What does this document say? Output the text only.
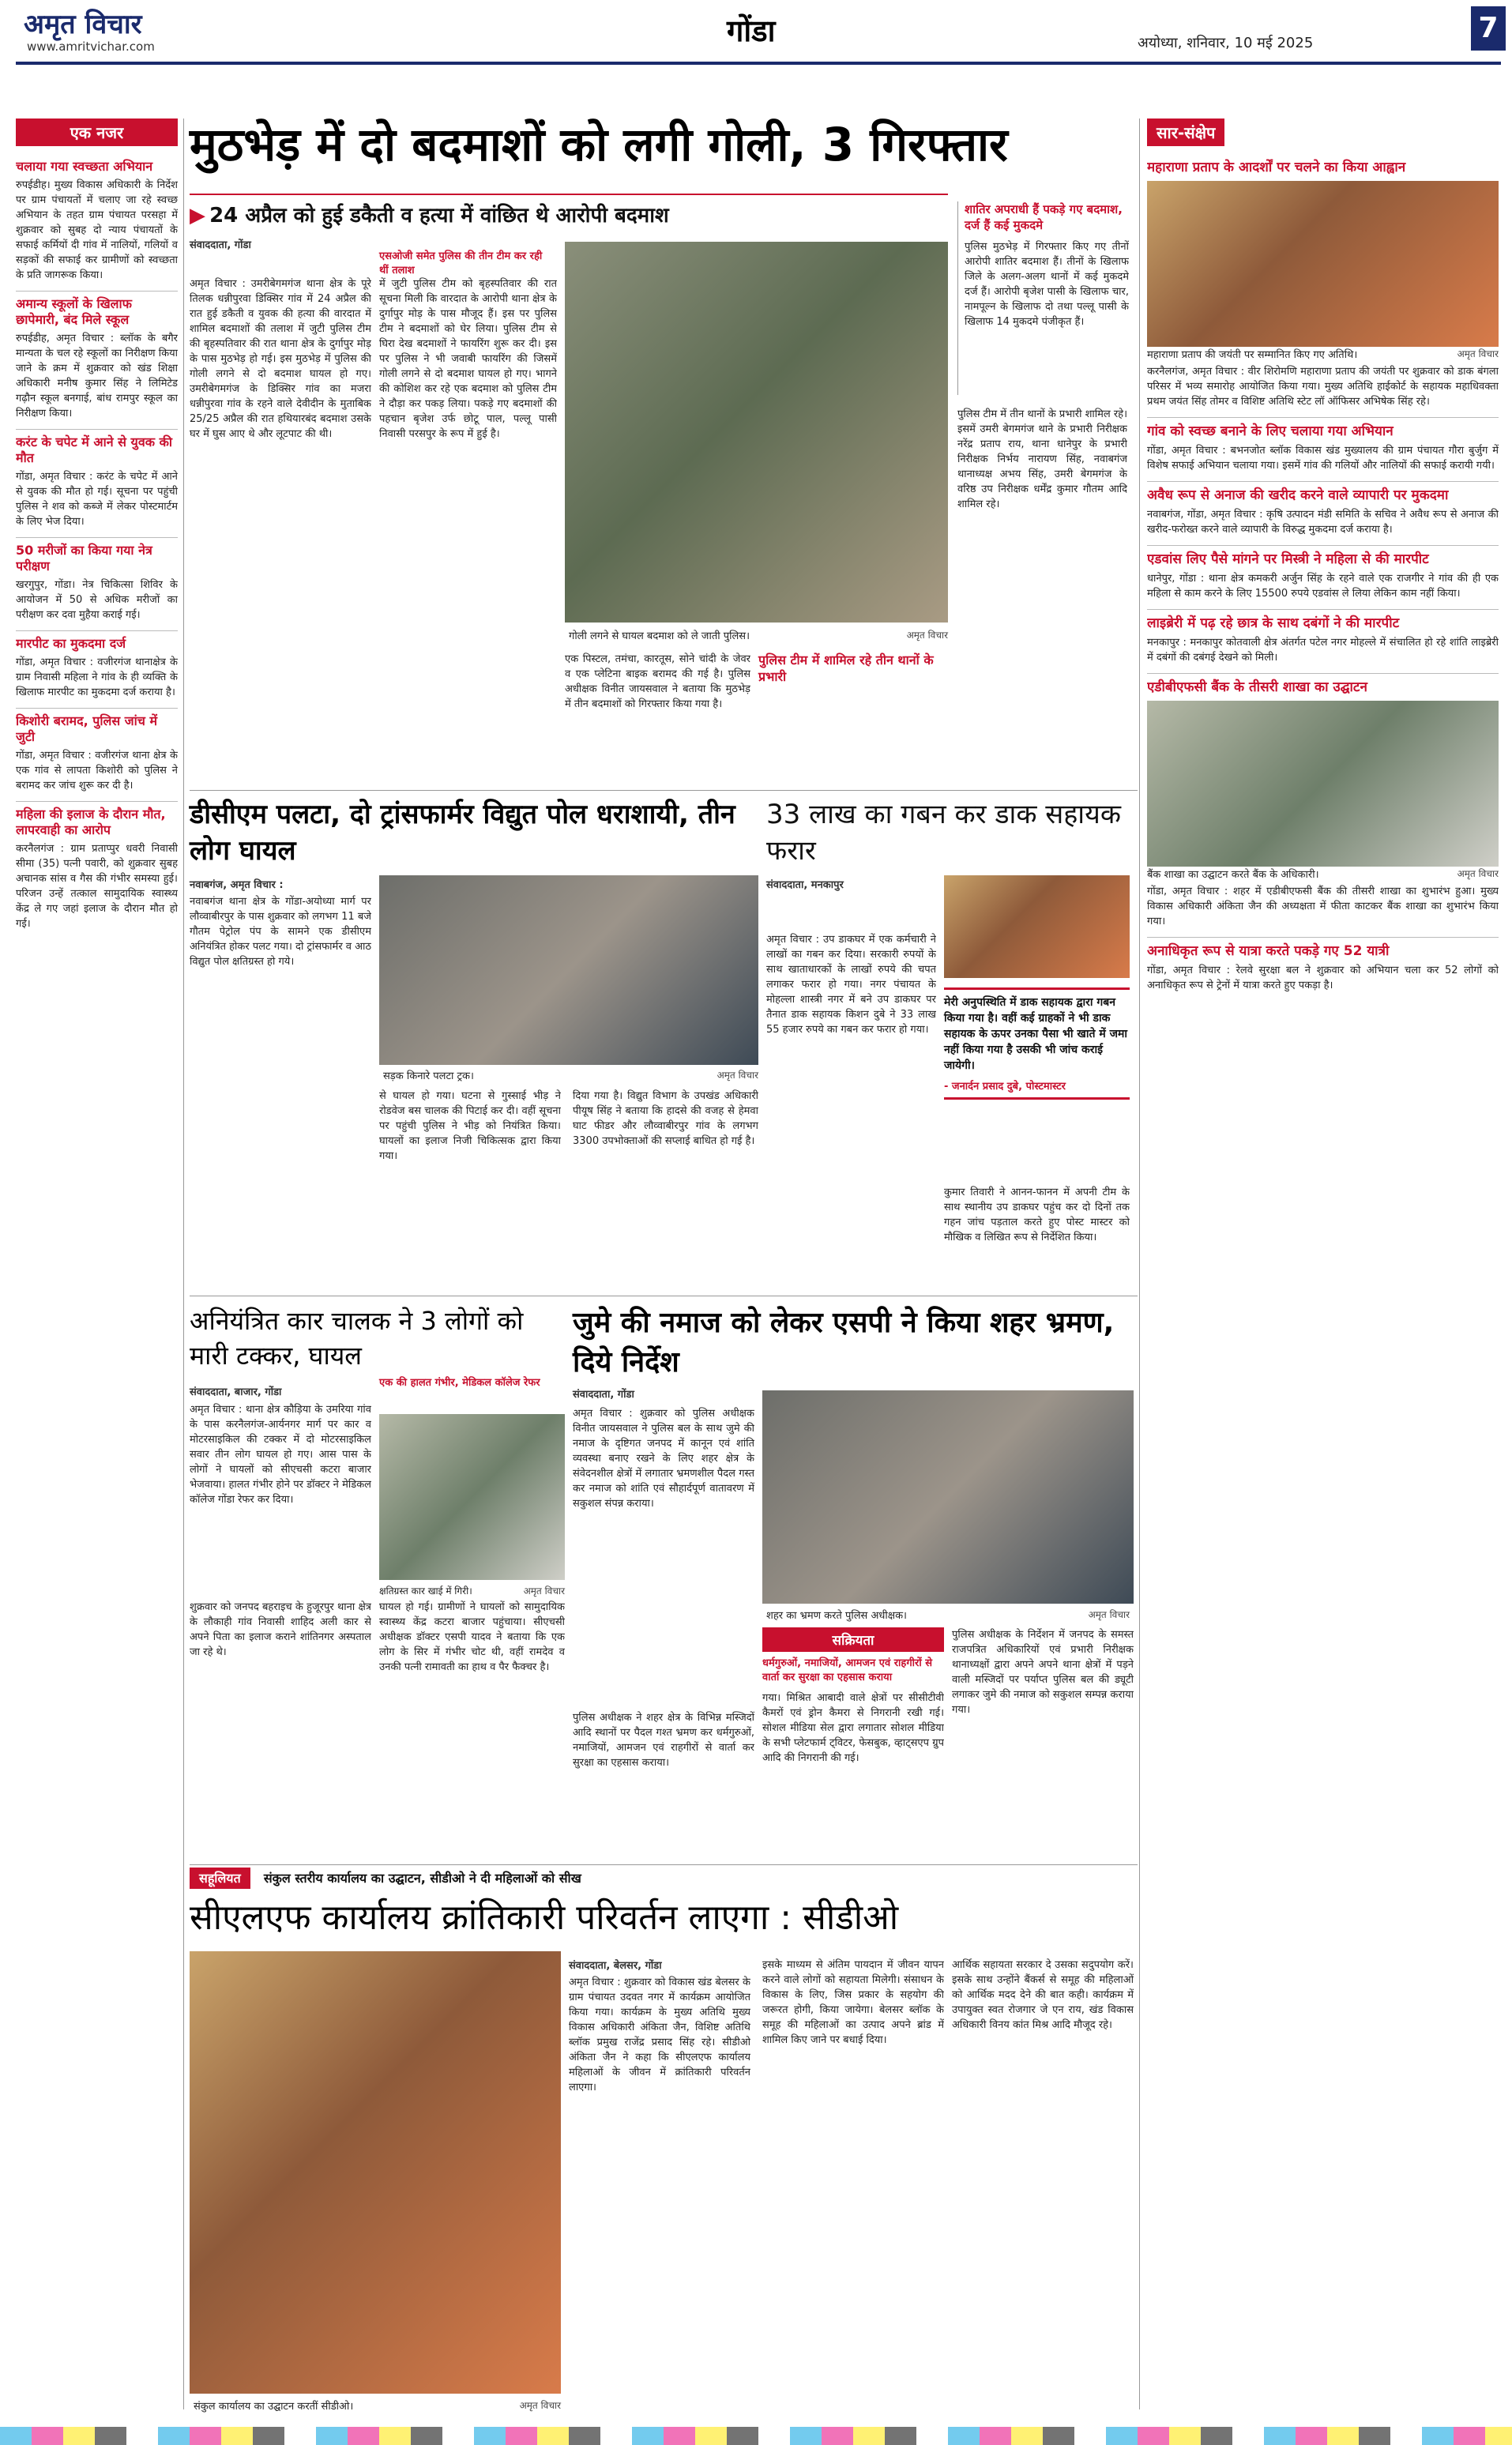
अमृत विचार
www.amritvichar.com	गोंडा	अयोध्या, शनिवार, 10 मई 2025	7
एक नजर
चलाया गया स्वच्छता अभियान
रुपईडीह। मुख्य विकास अधिकारी के निर्देश पर ग्राम पंचायतों में चलाए जा रहे स्वच्छ अभियान के तहत ग्राम पंचायत परसहा में शुक्रवार को सुबह दो न्याय पंचायतों के सफाई कर्मियों दी गांव में नालियों, गलियों व सड़कों की सफाई कर ग्रामीणों को स्वच्छता के प्रति जागरूक किया।
अमान्य स्कूलों के खिलाफ छापेमारी, बंद मिले स्कूल
रुपईडीह, अमृत विचार : ब्लॉक के बगैर मान्यता के चल रहे स्कूलों का निरीक्षण किया जाने के क्रम में शुक्रवार को खंड शिक्षा अधिकारी मनीष कुमार सिंह ने लिमिटेड गढ़ौन स्कूल बनगाई, बांध रामपुर स्कूल का निरीक्षण किया।
करंट के चपेट में आने से युवक की मौत
गोंडा, अमृत विचार : करंट के चपेट में आने से युवक की मौत हो गई। सूचना पर पहुंची पुलिस ने शव को कब्जे में लेकर पोस्टमार्टम के लिए भेज दिया।
50 मरीजों का किया गया नेत्र परीक्षण
खरगुपुर, गोंडा। नेत्र चिकित्सा शिविर के आयोजन में 50 से अधिक मरीजों का परीक्षण कर दवा मुहैया कराई गई।
मारपीट का मुकदमा दर्ज
गोंडा, अमृत विचार : वजीरगंज थानाक्षेत्र के ग्राम निवासी महिला ने गांव के ही व्यक्ति के खिलाफ मारपीट का मुकदमा दर्ज कराया है।
किशोरी बरामद, पुलिस जांच में जुटी
गोंडा, अमृत विचार : वजीरगंज थाना क्षेत्र के एक गांव से लापता किशोरी को पुलिस ने बरामद कर जांच शुरू कर दी है।
महिला की इलाज के दौरान मौत, लापरवाही का आरोप
करनैलगंज : ग्राम प्रताप्पुर धवरी निवासी सीमा (35) पत्नी पवारी, को शुक्रवार सुबह अचानक सांस व गैस की गंभीर समस्या हुई। परिजन उन्हें तत्काल सामुदायिक स्वास्थ्य केंद्र ले गए जहां इलाज के दौरान मौत हो गई।
मुठभेड़ में दो बदमाशों को लगी गोली, 3 गिरफ्तार
▶ 24 अप्रैल को हुई डकैती व हत्या में वांछित थे आरोपी बदमाश
संवाददाता, गोंडा
एसओजी समेत पुलिस की तीन टीम कर रही थीं तलाश
अमृत विचार : उमरीबेगमगंज थाना क्षेत्र के पूरे तिलक धन्नीपुरवा डिक्सिर गांव में 24 अप्रैल की रात हुई डकैती व युवक की हत्या की वारदात में शामिल बदमाशों की तलाश में जुटी पुलिस टीम की बृहस्पतिवार की रात थाना क्षेत्र के दुर्गापुर मोड़ के पास मुठभेड़ हो गई। इस मुठभेड़ में पुलिस की गोली लगने से दो बदमाश घायल हो गए। उमरीबेगमगंज के डिक्सिर गांव का मजरा धन्नीपुरवा गांव के रहने वाले देवीदीन के मुताबिक 25/25 अप्रैल की रात हथियारबंद बदमाश उसके घर में घुस आए थे और लूटपाट की थी।
में जुटी पुलिस टीम को बृहस्पतिवार की रात सूचना मिली कि वारदात के आरोपी थाना क्षेत्र के दुर्गापुर मोड़ के पास मौजूद हैं। इस पर पुलिस टीम ने बदमाशों को घेर लिया। पुलिस टीम से घिरा देख बदमाशों ने फायरिंग शुरू कर दी। इस पर पुलिस ने भी जवाबी फायरिंग की जिसमें गोली लगने से दो बदमाश घायल हो गए। भागने की कोशिश कर रहे एक बदमाश को पुलिस टीम ने दौड़ा कर पकड़ लिया। पकड़े गए बदमाशों की पहचान बृजेश उर्फ छोटू पाल, पल्लू पासी निवासी परसपुर के रूप में हुई है।
गोली लगने से घायल बदमाश को ले जाती पुलिस।	अमृत विचार
शातिर अपराधी हैं पकड़े गए बदमाश, दर्ज हैं कई मुकदमे
पुलिस मुठभेड़ में गिरफ्तार किए गए तीनों आरोपी शातिर बदमाश हैं। तीनों के खिलाफ जिले के अलग-अलग थानों में कई मुकदमे दर्ज हैं। आरोपी बृजेश पासी के खिलाफ चार, नामपूल्न के खिलाफ दो तथा पल्लू पासी के खिलाफ 14 मुकदमे पंजीकृत हैं।
पुलिस टीम में तीन थानों के प्रभारी शामिल रहे। इसमें उमरी बेगमगंज थाने के प्रभारी निरीक्षक नरेंद्र प्रताप राय, थाना धानेपुर के प्रभारी निरीक्षक निर्भय नारायण सिंह, नवाबगंज थानाध्यक्ष अभय सिंह, उमरी बेगमगंज के वरिष्ठ उप निरीक्षक धर्मेंद्र कुमार गौतम आदि शामिल रहे।
एक पिस्टल, तमंचा, कारतूस, सोने चांदी के जेवर व एक प्लेटिना बाइक बरामद की गई है। पुलिस अधीक्षक विनीत जायसवाल ने बताया कि मुठभेड़ में तीन बदमाशों को गिरफ्तार किया गया है।
पुलिस टीम में शामिल रहे तीन थानों के प्रभारी
डीसीएम पलटा, दो ट्रांसफार्मर विद्युत पोल धराशायी, तीन लोग घायल
नवाबगंज, अमृत विचार :
नवाबगंज थाना क्षेत्र के गोंडा-अयोध्या मार्ग पर लौव्वाबीरपुर के पास शुक्रवार को लगभग 11 बजे गौतम पेट्रोल पंप के सामने एक डीसीएम अनियंत्रित होकर पलट गया। दो ट्रांसफार्मर व आठ विद्युत पोल क्षतिग्रस्त हो गये।
सड़क किनारे पलटा ट्रक।	अमृत विचार
से घायल हो गया। घटना से गुस्साई भीड़ ने रोडवेज बस चालक की पिटाई कर दी। वहीं सूचना पर पहुंची पुलिस ने भीड़ को नियंत्रित किया। घायलों का इलाज निजी चिकित्सक द्वारा किया गया।
दिया गया है। विद्युत विभाग के उपखंड अधिकारी पीयूष सिंह ने बताया कि हादसे की वजह से हेमवा घाट फीडर और लौव्वाबीरपुर गांव के लगभग 3300 उपभोक्ताओं की सप्लाई बाधित हो गई है।
33 लाख का गबन कर डाक सहायक फरार
संवाददाता, मनकापुर
अमृत विचार : उप डाकघर में एक कर्मचारी ने लाखों का गबन कर दिया। सरकारी रुपयों के साथ खाताधारकों के लाखों रुपये की चपत लगाकर फरार हो गया। नगर पंचायत के मोहल्ला शास्त्री नगर में बने उप डाकघर पर तैनात डाक सहायक किशन दुबे ने 33 लाख 55 हजार रुपये का गबन कर फरार हो गया।
मेरी अनुपस्थिति में डाक सहायक द्वारा गबन किया गया है। वहीं कई ग्राहकों ने भी डाक सहायक के ऊपर उनका पैसा भी खाते में जमा नहीं किया गया है उसकी भी जांच कराई जायेगी।
- जनार्दन प्रसाद दुबे, पोस्टमास्टर
कुमार तिवारी ने आनन-फानन में अपनी टीम के साथ स्थानीय उप डाकघर पहुंच कर दो दिनों तक गहन जांच पड़ताल करते हुए पोस्ट मास्टर को मौखिक व लिखित रूप से निर्देशित किया।
अनियंत्रित कार चालक ने 3 लोगों को मारी टक्कर, घायल
संवाददाता, बाजार, गोंडा
एक की हालत गंभीर, मेडिकल कॉलेज रेफर
अमृत विचार : थाना क्षेत्र कौड़िया के उमरिया गांव के पास करनैलगंज-आर्यनगर मार्ग पर कार व मोटरसाइकिल की टक्कर में दो मोटरसाइकिल सवार तीन लोग घायल हो गए। आस पास के लोगों ने घायलों को सीएचसी कटरा बाजार भेजवाया। हालत गंभीर होने पर डॉक्टर ने मेडिकल कॉलेज गोंडा रेफर कर दिया।
क्षतिग्रस्त कार खाई में गिरी।	अमृत विचार
शुक्रवार को जनपद बहराइच के हुजूरपुर थाना क्षेत्र के लौकाही गांव निवासी शाहिद अली कार से अपने पिता का इलाज कराने शांतिनगर अस्पताल जा रहे थे।
घायल हो गई। ग्रामीणों ने घायलों को सामुदायिक स्वास्थ्य केंद्र कटरा बाजार पहुंचाया। सीएचसी अधीक्षक डॉक्टर एसपी यादव ने बताया कि एक लोग के सिर में गंभीर चोट थी, वहीं रामदेव व उनकी पत्नी रामावती का हाथ व पैर फैक्चर है।
जुमे की नमाज को लेकर एसपी ने किया शहर भ्रमण, दिये निर्देश
संवाददाता, गोंडा
अमृत विचार : शुक्रवार को पुलिस अधीक्षक विनीत जायसवाल ने पुलिस बल के साथ जुमे की नमाज के दृष्टिगत जनपद में कानून एवं शांति व्यवस्था बनाए रखने के लिए शहर क्षेत्र के संवेदनशील क्षेत्रों में लगातार भ्रमणशील पैदल गस्त कर नमाज को शांति एवं सौहार्दपूर्ण वातावरण में सकुशल संपन्न कराया।
शहर का भ्रमण करते पुलिस अधीक्षक।	अमृत विचार
पुलिस अधीक्षक ने शहर क्षेत्र के विभिन्न मस्जिदों आदि स्थानों पर पैदल गश्त भ्रमण कर धर्मगुरुओं, नमाजियों, आमजन एवं राहगीरों से वार्ता कर सुरक्षा का एहसास कराया।
सक्रियता
धर्मगुरुओं, नमाजियों, आमजन एवं राहगीरों से वार्ता कर सुरक्षा का एहसास कराया
गया। मिश्रित आबादी वाले क्षेत्रों पर सीसीटीवी कैमरों एवं ड्रोन कैमरा से निगरानी रखी गई। सोशल मीडिया सेल द्वारा लगातार सोशल मीडिया के सभी प्लेटफार्म ट्विटर, फेसबुक, व्हाट्सएप ग्रुप आदि की निगरानी की गई।
पुलिस अधीक्षक के निर्देशन में जनपद के समस्त राजपत्रित अधिकारियों एवं प्रभारी निरीक्षक थानाध्यक्षों द्वारा अपने अपने थाना क्षेत्रों में पड़ने वाली मस्जिदों पर पर्याप्त पुलिस बल की ड्यूटी लगाकर जुमे की नमाज को सकुशल सम्पन्न कराया गया।
सहूलियत संकुल स्तरीय कार्यालय का उद्घाटन, सीडीओ ने दी महिलाओं को सीख
सीएलएफ कार्यालय क्रांतिकारी परिवर्तन लाएगा : सीडीओ
संकुल कार्यालय का उद्घाटन करतीं सीडीओ।	अमृत विचार
संवाददाता, बेलसर, गोंडा
अमृत विचार : शुक्रवार को विकास खंड बेलसर के ग्राम पंचायत उदवत नगर में कार्यक्रम आयोजित किया गया। कार्यक्रम के मुख्य अतिथि मुख्य विकास अधिकारी अंकिता जैन, विशिष्ट अतिथि ब्लॉक प्रमुख राजेंद्र प्रसाद सिंह रहे। सीडीओ अंकिता जैन ने कहा कि सीएलएफ कार्यालय महिलाओं के जीवन में क्रांतिकारी परिवर्तन लाएगा।
इसके माध्यम से अंतिम पायदान में जीवन यापन करने वाले लोगों को सहायता मिलेगी। संसाधन के विकास के लिए, जिस प्रकार के सहयोग की जरूरत होगी, किया जायेगा। बेलसर ब्लॉक के समूह की महिलाओं का उत्पाद अपने ब्रांड में शामिल किए जाने पर बधाई दिया।
आर्थिक सहायता सरकार दे उसका सदुपयोग करें। इसके साथ उन्होंने बैंकर्स से समूह की महिलाओं को आर्थिक मदद देने की बात कही। कार्यक्रम में उपायुक्त स्वत रोजगार जे एन राय, खंड विकास अधिकारी विनय कांत मिश्र आदि मौजूद रहे।
सार-संक्षेप
महाराणा प्रताप के आदर्शों पर चलने का किया आह्वान
महाराणा प्रताप की जयंती पर सम्मानित किए गए अतिथि।	अमृत विचार
करनैलगंज, अमृत विचार : वीर शिरोमणि महाराणा प्रताप की जयंती पर शुक्रवार को डाक बंगला परिसर में भव्य समारोह आयोजित किया गया। मुख्य अतिथि हाईकोर्ट के सहायक महाधिवक्ता प्रथम जयंत सिंह तोमर व विशिष्ट अतिथि स्टेट लॉ ऑफिसर अभिषेक सिंह रहे।
गांव को स्वच्छ बनाने के लिए चलाया गया अभियान
गोंडा, अमृत विचार : बभनजोत ब्लॉक विकास खंड मुख्यालय की ग्राम पंचायत गौरा बुर्जुग में विशेष सफाई अभियान चलाया गया। इसमें गांव की गलियों और नालियों की सफाई करायी गयी।
अवैध रूप से अनाज की खरीद करने वाले व्यापारी पर मुकदमा
नवाबगंज, गोंडा, अमृत विचार : कृषि उत्पादन मंडी समिति के सचिव ने अवैध रूप से अनाज की खरीद-फरोख्त करने वाले व्यापारी के विरुद्ध मुकदमा दर्ज कराया है।
एडवांस लिए पैसे मांगने पर मिस्त्री ने महिला से की मारपीट
धानेपुर, गोंडा : थाना क्षेत्र कमकरी अर्जुन सिंह के रहने वाले एक राजगीर ने गांव की ही एक महिला से काम करने के लिए 15500 रुपये एडवांस ले लिया लेकिन काम नहीं किया।
लाइब्रेरी में पढ़ रहे छात्र के साथ दबंगों ने की मारपीट
मनकापुर : मनकापुर कोतवाली क्षेत्र अंतर्गत पटेल नगर मोहल्ले में संचालित हो रहे शांति लाइब्रेरी में दबंगों की दबंगई देखने को मिली।
एडीबीएफसी बैंक के तीसरी शाखा का उद्घाटन
बैंक शाखा का उद्घाटन करते बैंक के अधिकारी।	अमृत विचार
गोंडा, अमृत विचार : शहर में एडीबीएफसी बैंक की तीसरी शाखा का शुभारंभ हुआ। मुख्य विकास अधिकारी अंकिता जैन की अध्यक्षता में फीता काटकर बैंक शाखा का शुभारंभ किया गया।
अनाधिकृत रूप से यात्रा करते पकड़े गए 52 यात्री
गोंडा, अमृत विचार : रेलवे सुरक्षा बल ने शुक्रवार को अभियान चला कर 52 लोगों को अनाधिकृत रूप से ट्रेनों में यात्रा करते हुए पकड़ा है।
